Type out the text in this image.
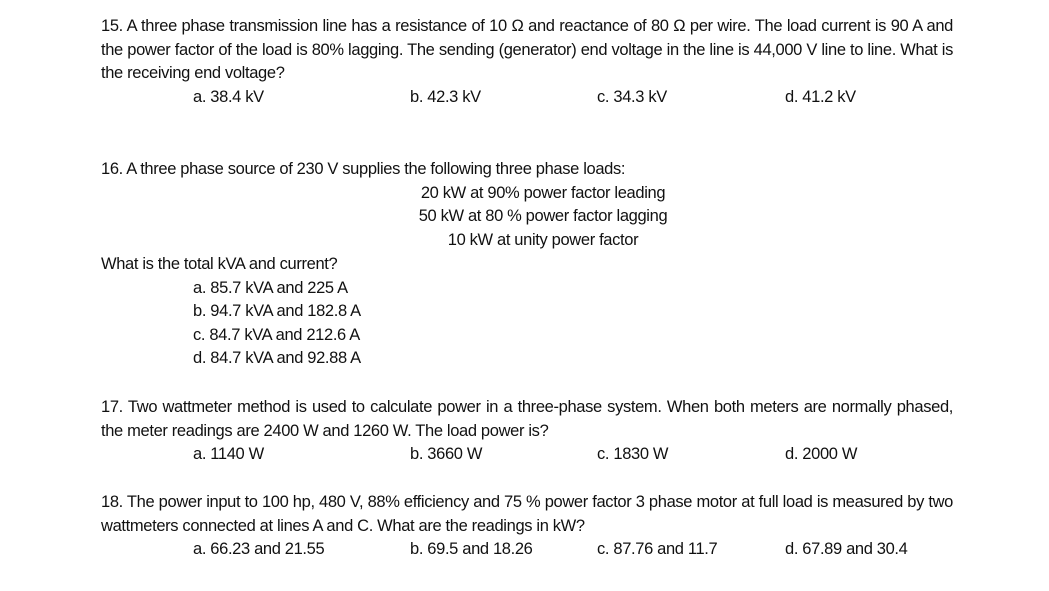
15. A three phase transmission line has a resistance of 10 Ω and reactance of 80 Ω per wire. The load current is 90 A and the power factor of the load is 80% lagging. The sending (generator) end voltage in the line is 44,000 V line to line. What is the receiving end voltage?

a. 38.4 kV	b. 42.3 kV	c. 34.3 kV	d. 41.2 kV

16. A three phase source of 230 V supplies the following three phase loads:

20 kW at 90% power factor leading
50 kW at 80 % power factor lagging
10 kW at unity power factor

What is the total kVA and current?

a. 85.7 kVA and 225 A
b. 94.7 kVA and 182.8 A
c. 84.7 kVA and 212.6 A
d. 84.7 kVA and 92.88 A

17. Two wattmeter method is used to calculate power in a three-phase system. When both meters are normally phased, the meter readings are 2400 W and 1260 W. The load power is?

a. 1140 W	b. 3660 W	c. 1830 W	d. 2000 W

18. The power input to 100 hp, 480 V, 88% efficiency and 75 % power factor 3 phase motor at full load is measured by two wattmeters connected at lines A and C. What are the readings in kW?

a. 66.23 and 21.55	b. 69.5 and 18.26	c. 87.76 and 11.7	d. 67.89 and 30.4
